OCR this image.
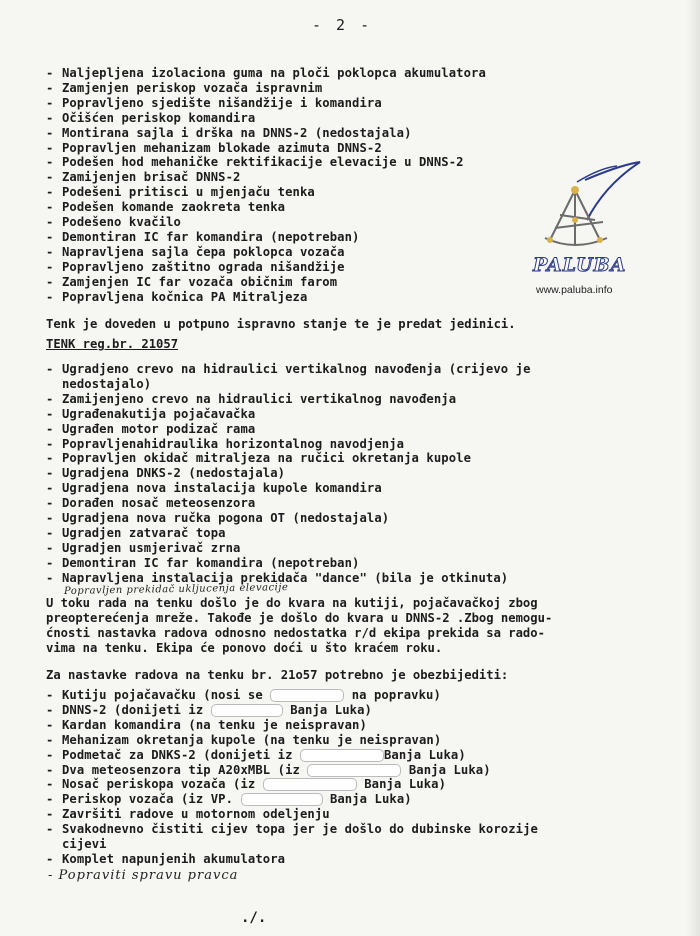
- 2 -
PALUBA
www.paluba.info
- Naljepljena izolaciona guma na ploči poklopca akumulatora
- Zamjenjen periskop vozača ispravnim
- Popravljeno sjedište nišandžije i komandira
- Očišćen periskop komandira
- Montirana sajla i drška na DNNS-2 (nedostajala)
- Popravljen mehanizam blokade azimuta DNNS-2
- Podešen hod mehaničke rektifikacije elevacije u DNNS-2
- Zamijenjen brisač DNNS-2
- Podešeni pritisci u mjenjaču tenka
- Podešen komande zaokreta tenka
- Podešeno kvačilo
- Demontiran IC far komandira (nepotreban)
- Napravljena sajla čepa poklopca vozača
- Popravljeno zaštitno ograda nišandžije
- Zamjenjen IC far vozača običnim farom
- Popravljena kočnica PA Mitraljeza
Tenk je doveden u potpuno ispravno stanje te je predat jedinici.
TENK reg.br. 21057
- Ugradjeno crevo na hidraulici vertikalnog navođenja (crijevo je
nedostajalo)
- Zamijenjeno crevo na hidraulici vertikalnog navođenja
- Ugrađenakutija pojačavačka
- Ugrađen motor podizač rama
- Popravljenahidraulika horizontalnog navodjenja
- Popravljen okidač mitraljeza na ručici okretanja kupole
- Ugradjena DNKS-2 (nedostajala)
- Ugradjena nova instalacija kupole komandira
- Dorađen nosač meteosenzora
- Ugradjena nova ručka pogona OT (nedostajala)
- Ugradjen zatvarač topa
- Ugradjen usmjerivač zrna
- Demontiran IC far komandira (nepotreban)
- Napravljena instalacija prekidača "dance" (bila je otkinuta)
Popravljen prekidač ukljucenja elevacije
U toku rada na tenku došlo je do kvara na kutiji, pojačavačkoj zbog
preopterećenja mreže. Takođe je došlo do kvara u DNNS-2 .Zbog nemogu-
ćnosti nastavka radova odnosno nedostatka r/d ekipa prekida sa rado-
vima na tenku. Ekipa će ponovo doći u što kraćem roku.
Za nastavke radova na tenku br. 21o57 potrebno je obezbijediti:
- Kutiju pojačavačku (nosi se	na popravku)
- DNNS-2 (donijeti iz	Banja Luka)
- Kardan komandira (na tenku je neispravan)
- Mehanizam okretanja kupole (na tenku je neispravan)
- Podmetač za DNKS-2 (donijeti iz	Banja Luka)
- Dva meteosenzora tip A20xMBL (iz	Banja Luka)
- Nosač periskopa vozača (iz	Banja Luka)
- Periskop vozača (iz VP.	Banja Luka)
- Završiti radove u motornom odeljenju
- Svakodnevno čistiti cijev topa jer je došlo do dubinske korozije
cijevi
- Komplet napunjenih akumulatora
- Popraviti spravu pravca
./.
